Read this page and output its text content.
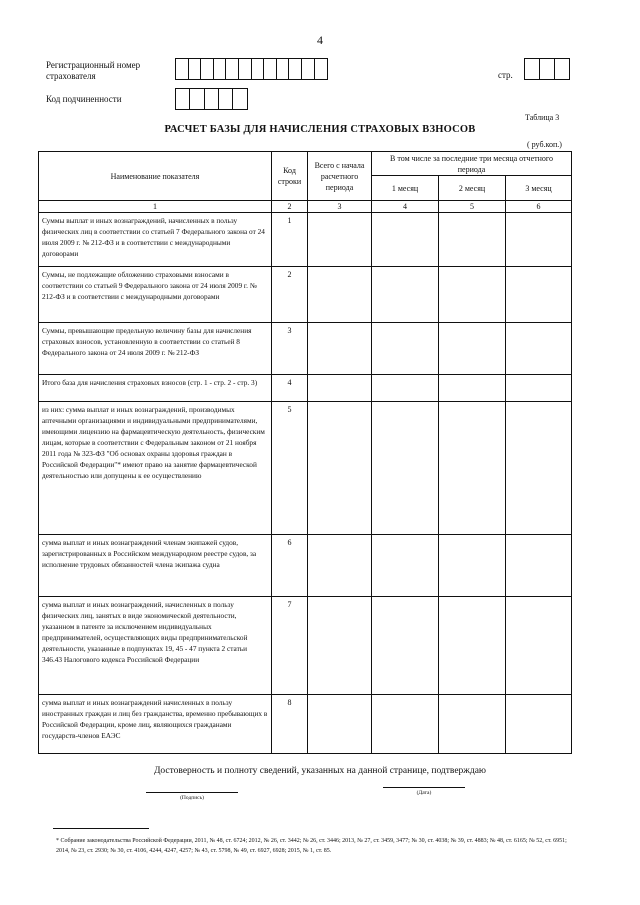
4
Регистрационный номер
страхователя	стр.
Код подчиненности
Таблица 3
РАСЧЕТ БАЗЫ ДЛЯ НАЧИСЛЕНИЯ СТРАХОВЫХ ВЗНОСОВ
( руб.коп.)
Наименование показателя	Код строки	Всего с начала расчетного периода	В том числе за последние три месяца отчетного периода		
			1 месяц	2 месяц	3 месяц
1	2	3	4	5	6
Суммы выплат и иных вознаграждений, начисленных в пользу физических лиц в соответствии со статьей 7 Федерального закона от 24 июля 2009 г. № 212-ФЗ и в соответствии с международными договорами	1				
Суммы, не подлежащие обложению страховыми взносами в соответствии со статьей 9 Федерального закона от 24 июля 2009 г. № 212-ФЗ и в соответствии с международными договорами	2				
Суммы, превышающие предельную величину базы для начисления страховых взносов, установленную в соответствии со статьей 8 Федерального закона от 24 июля 2009 г. № 212-ФЗ	3				
Итого база для начисления страховых взносов (стр. 1 - стр. 2 - стр. 3)	4				
из них: сумма выплат и иных вознаграждений, производимых аптечными организациями и индивидуальными предпринимателями, имеющими лицензию на фармацевтическую деятельность, физическим лицам, которые в соответствии с Федеральным законом от 21 ноября 2011 года № 323-ФЗ "Об основах охраны здоровья граждан в Российской Федерации"* имеют право на занятие фармацевтической деятельностью или допущены к ее осуществлению	5				
сумма выплат и иных вознаграждений членам экипажей судов, зарегистрированных в Российском международном реестре судов, за исполнение трудовых обязанностей члена экипажа судна	6				
сумма выплат и иных вознаграждений, начисленных в пользу физических лиц, занятых в виде экономической деятельности, указанном в патенте за исключением индивидуальных предпринимателей, осуществляющих виды предпринимательской деятельности, указанные в подпунктах 19, 45 - 47 пункта 2 статьи 346.43 Налогового кодекса Российской Федерации	7				
сумма выплат и иных вознаграждений начисленных в пользу иностранных граждан и лиц без гражданства, временно пребывающих в Российской Федерации, кроме лиц, являющихся гражданами государств-членов ЕАЭС	8				
Достоверность и полноту сведений, указанных на данной странице, подтверждаю
(Подпись)
(Дата)
* Собрание законодательства Российской Федерации, 2011, № 48, ст. 6724; 2012, № 26, ст. 3442; № 26, ст. 3446; 2013, № 27, ст. 3459, 3477; № 30, ст. 4038; № 39, ст. 4883; № 48, ст. 6165; № 52, ст. 6951; 2014, № 23, ст. 2930; № 30, ст. 4106, 4244, 4247, 4257; № 43, ст. 5798, № 49, ст. 6927, 6928; 2015, № 1, ст. 85.
